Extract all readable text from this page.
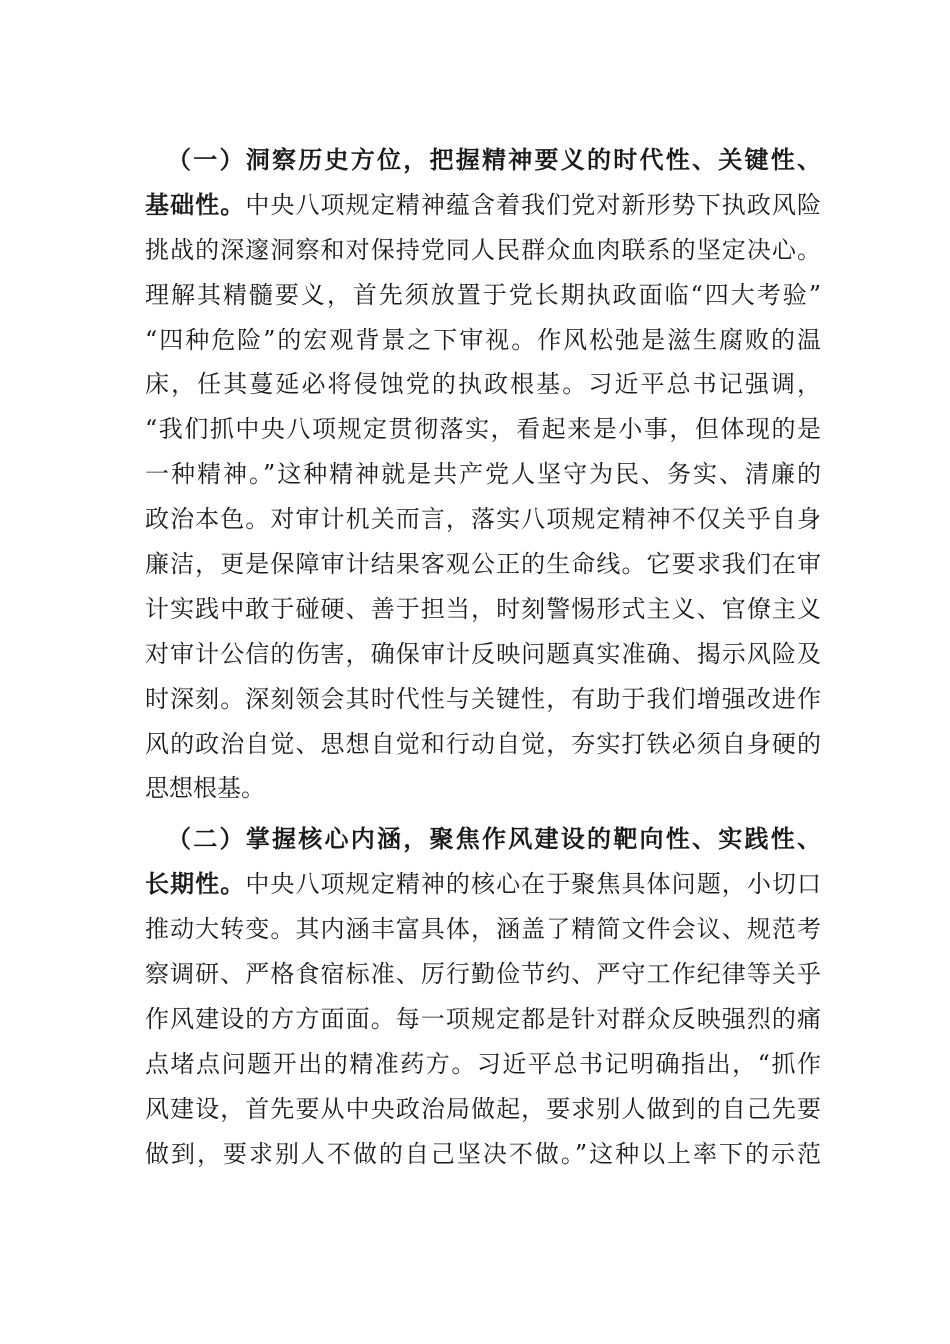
（一）洞察历史方位，把握精神要义的时代性、关键性、
基础性。中央八项规定精神蕴含着我们党对新形势下执政风险
挑战的深邃洞察和对保持党同人民群众血肉联系的坚定决心。
理解其精髓要义，首先须放置于党长期执政面临“四大考验”
“四种危险”的宏观背景之下审视。作风松弛是滋生腐败的温
床，任其蔓延必将侵蚀党的执政根基。习近平总书记强调，
“我们抓中央八项规定贯彻落实，看起来是小事，但体现的是
一种精神。”这种精神就是共产党人坚守为民、务实、清廉的
政治本色。对审计机关而言，落实八项规定精神不仅关乎自身
廉洁，更是保障审计结果客观公正的生命线。它要求我们在审
计实践中敢于碰硬、善于担当，时刻警惕形式主义、官僚主义
对审计公信的伤害，确保审计反映问题真实准确、揭示风险及
时深刻。深刻领会其时代性与关键性，有助于我们增强改进作
风的政治自觉、思想自觉和行动自觉，夯实打铁必须自身硬的
思想根基。
（二）掌握核心内涵，聚焦作风建设的靶向性、实践性、
长期性。中央八项规定精神的核心在于聚焦具体问题，小切口
推动大转变。其内涵丰富具体，涵盖了精简文件会议、规范考
察调研、严格食宿标准、厉行勤俭节约、严守工作纪律等关乎
作风建设的方方面面。每一项规定都是针对群众反映强烈的痛
点堵点问题开出的精准药方。习近平总书记明确指出，“抓作
风建设，首先要从中央政治局做起，要求别人做到的自己先要
做到，要求别人不做的自己坚决不做。”这种以上率下的示范
